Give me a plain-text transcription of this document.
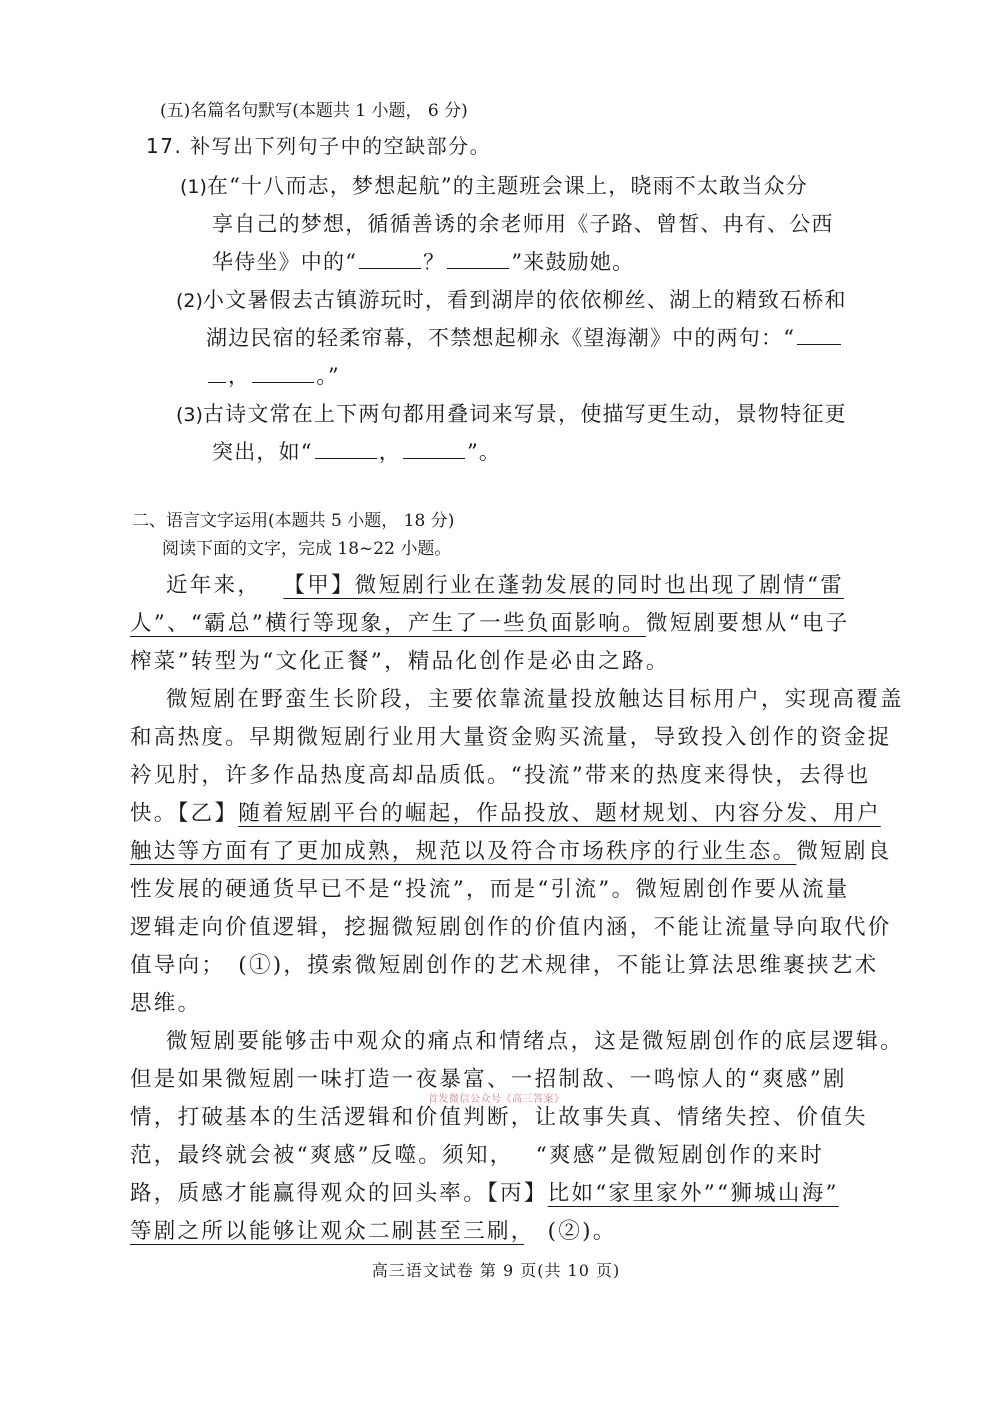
(五)名篇名句默写(本题共 1 小题， 6 分)
17. 补写出下列句子中的空缺部分。
(1)在“十八而志，梦想起航”的主题班会课上，晓雨不太敢当众分
享自己的梦想，循循善诱的余老师用《子路、曾皙、冉有、公西
华侍坐》中的“	？	”来鼓励她。
(2)小文暑假去古镇游玩时，看到湖岸的依依柳丝、湖上的精致石桥和
湖边民宿的轻柔帘幕，不禁想起柳永《望海潮》中的两句：“
，	。”
(3)古诗文常在上下两句都用叠词来写景，使描写更生动，景物特征更
突出，如“	，	”。
二、语言文字运用(本题共 5 小题， 18 分)
阅读下面的文字，完成 18~22 小题。
近年来，　 【甲】微短剧行业在蓬勃发展的同时也出现了剧情“雷
人”、“霸总”横行等现象，产生了一些负面影响。微短剧要想从“电子
榨菜”转型为“文化正餐”，精品化创作是必由之路。
微短剧在野蛮生长阶段，主要依靠流量投放触达目标用户，实现高覆盖
和高热度。早期微短剧行业用大量资金购买流量，导致投入创作的资金捉
衿见肘，许多作品热度高却品质低。“投流”带来的热度来得快，去得也
快。【乙】随着短剧平台的崛起，作品投放、题材规划、内容分发、用户
触达等方面有了更加成熟，规范以及符合市场秩序的行业生态。微短剧良
性发展的硬通货早已不是“投流”，而是“引流”。微短剧创作要从流量
逻辑走向价值逻辑，挖掘微短剧创作的价值内涵，不能让流量导向取代价
值导向；　(①)，摸索微短剧创作的艺术规律，不能让算法思维裹挟艺术
思维。
微短剧要能够击中观众的痛点和情绪点，这是微短剧创作的底层逻辑。
但是如果微短剧一味打造一夜暴富、一招制敌、一鸣惊人的“爽感”剧
首发微信公众号《高三答案》
情，打破基本的生活逻辑和价值判断，让故事失真、情绪失控、价值失
范，最终就会被“爽感”反噬。须知，　 “爽感”是微短剧创作的来时
路，质感才能赢得观众的回头率。【丙】比如“家里家外”“狮城山海”
等剧之所以能够让观众二刷甚至三刷，　(②)。
高三语文试卷 第 9 页(共 10 页)
